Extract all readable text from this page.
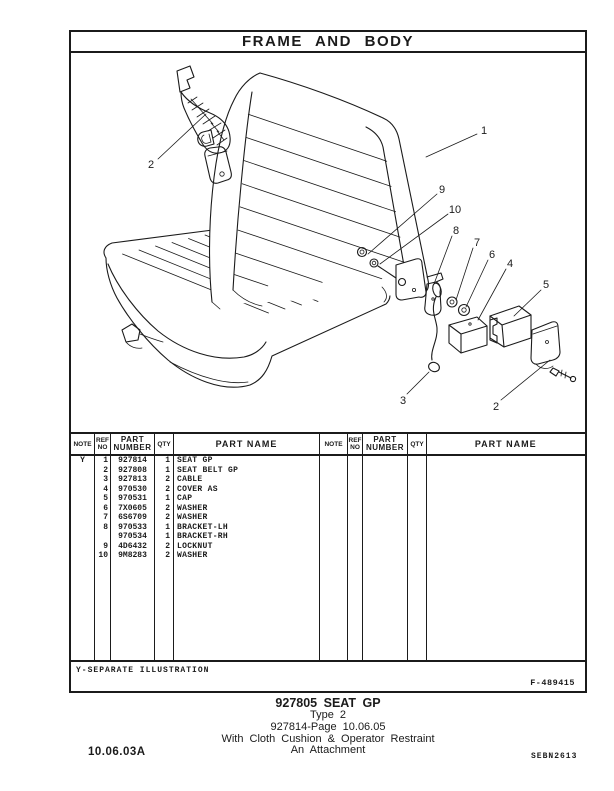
FRAME AND BODY
1
2
9
10
8
7
6
4
5
3	2
NOTE REF
NO
PART
NUMBER QTY	PART NAME
Y	1	927814	1 SEAT GP
2	927808	1 SEAT BELT GP
3	927813	2 CABLE
4	970530	2 COVER AS
5	970531	1 CAP
6	7X0605	2 WASHER
7	6S6709	2 WASHER
8	970533	1 BRACKET-LH
970534	1 BRACKET-RH
9	4D6432	2 LOCKNUT
10	9M8283	2 WASHER
NOTE REF
NO
PART
NUMBER QTY	PART NAME
Y-SEPARATE ILLUSTRATION
F-489415
927805 SEAT GP
Type 2
927814-Page 10.06.05
With Cloth Cushion & Operator Restraint
An Attachment
10.06.03A	SEBN2613
